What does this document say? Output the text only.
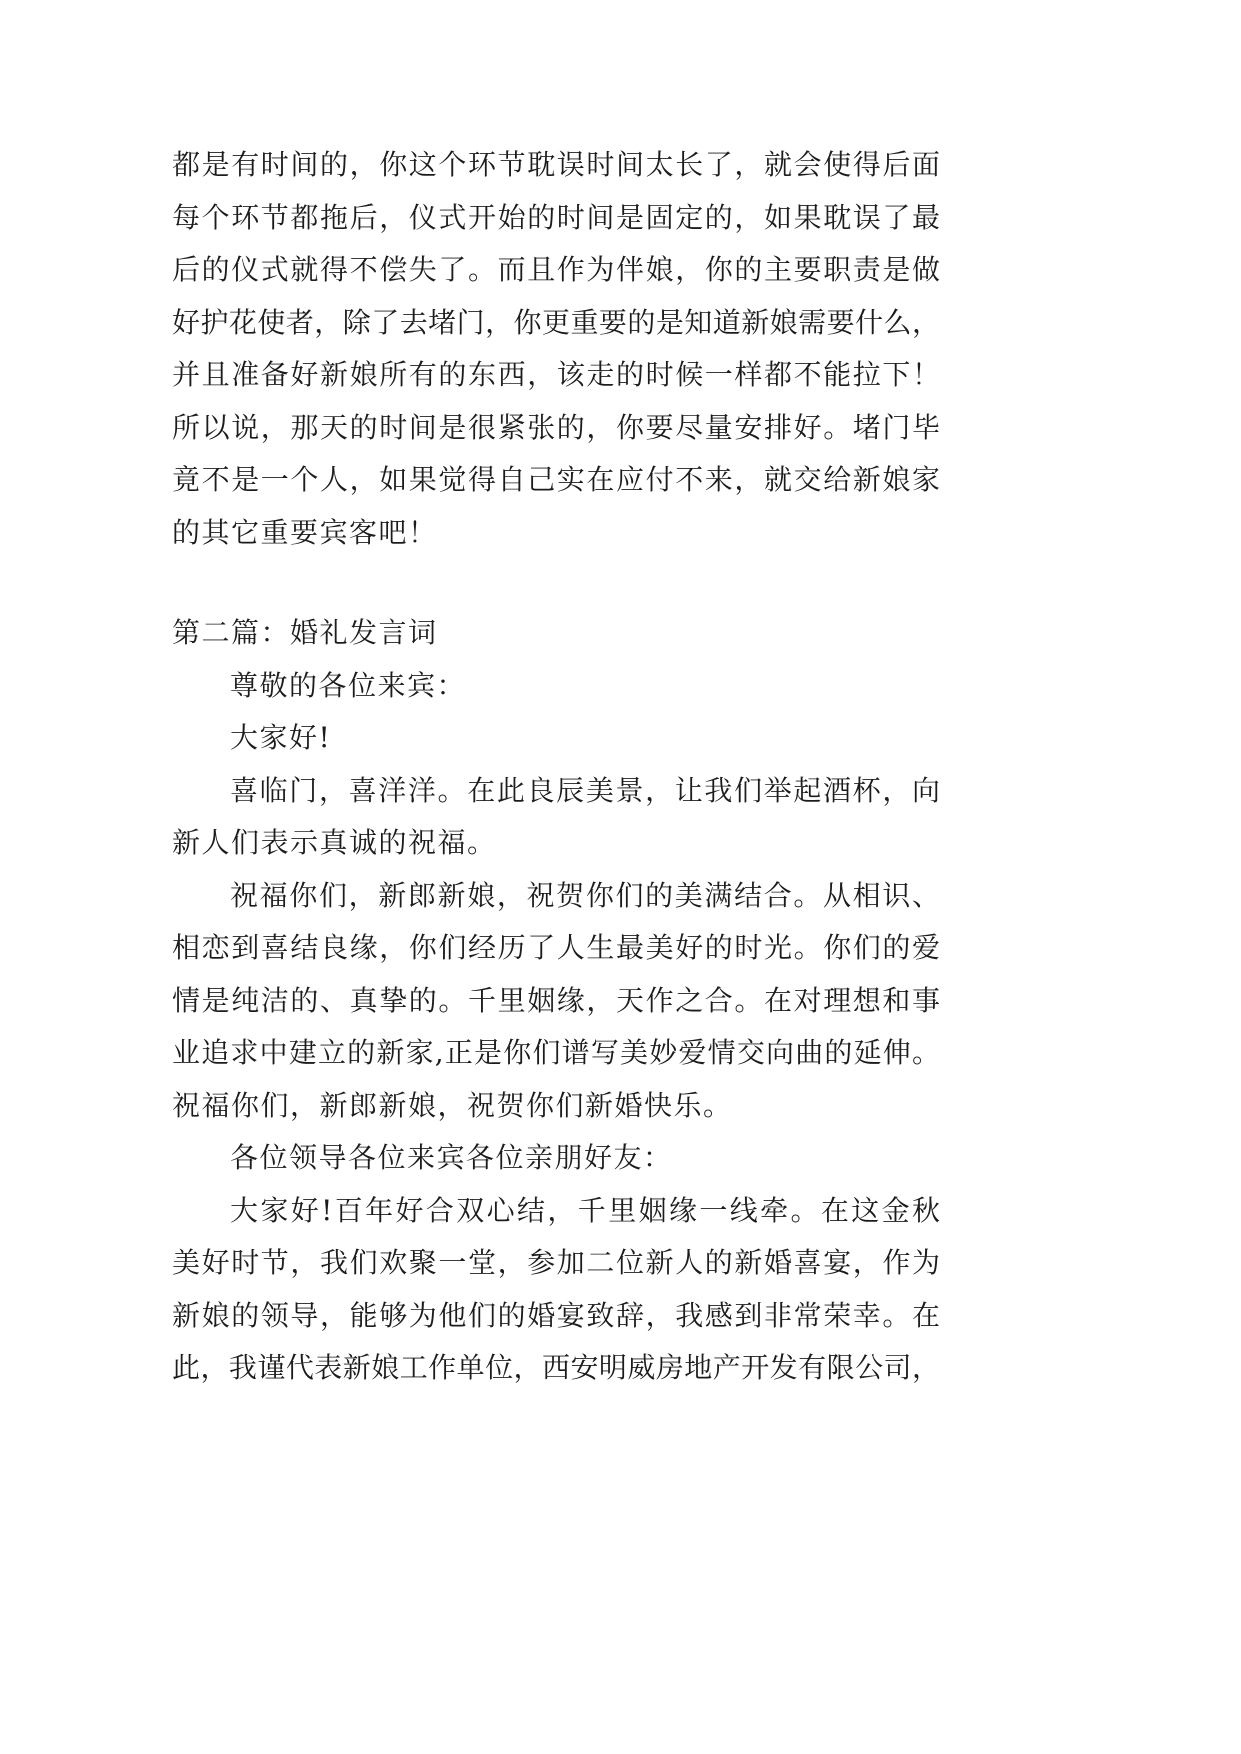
都是有时间的，你这个环节耽误时间太长了，就会使得后面
每个环节都拖后，仪式开始的时间是固定的，如果耽误了最
后的仪式就得不偿失了。而且作为伴娘，你的主要职责是做
好护花使者，除了去堵门，你更重要的是知道新娘需要什么，
并且准备好新娘所有的东西，该走的时候一样都不能拉下！
所以说，那天的时间是很紧张的，你要尽量安排好。堵门毕
竟不是一个人，如果觉得自己实在应付不来，就交给新娘家
的其它重要宾客吧！
第二篇：婚礼发言词
尊敬的各位来宾：
大家好!
喜临门，喜洋洋。在此良辰美景，让我们举起酒杯，向
新人们表示真诚的祝福。
祝福你们，新郎新娘，祝贺你们的美满结合。从相识、
相恋到喜结良缘，你们经历了人生最美好的时光。你们的爱
情是纯洁的、真挚的。千里姻缘，天作之合。在对理想和事
业追求中建立的新家,正是你们谱写美妙爱情交向曲的延伸。
祝福你们，新郎新娘，祝贺你们新婚快乐。
各位领导各位来宾各位亲朋好友：
大家好!百年好合双心结，千里姻缘一线牵。在这金秋
美好时节，我们欢聚一堂，参加二位新人的新婚喜宴，作为
新娘的领导，能够为他们的婚宴致辞，我感到非常荣幸。在
此，我谨代表新娘工作单位，西安明威房地产开发有限公司，
